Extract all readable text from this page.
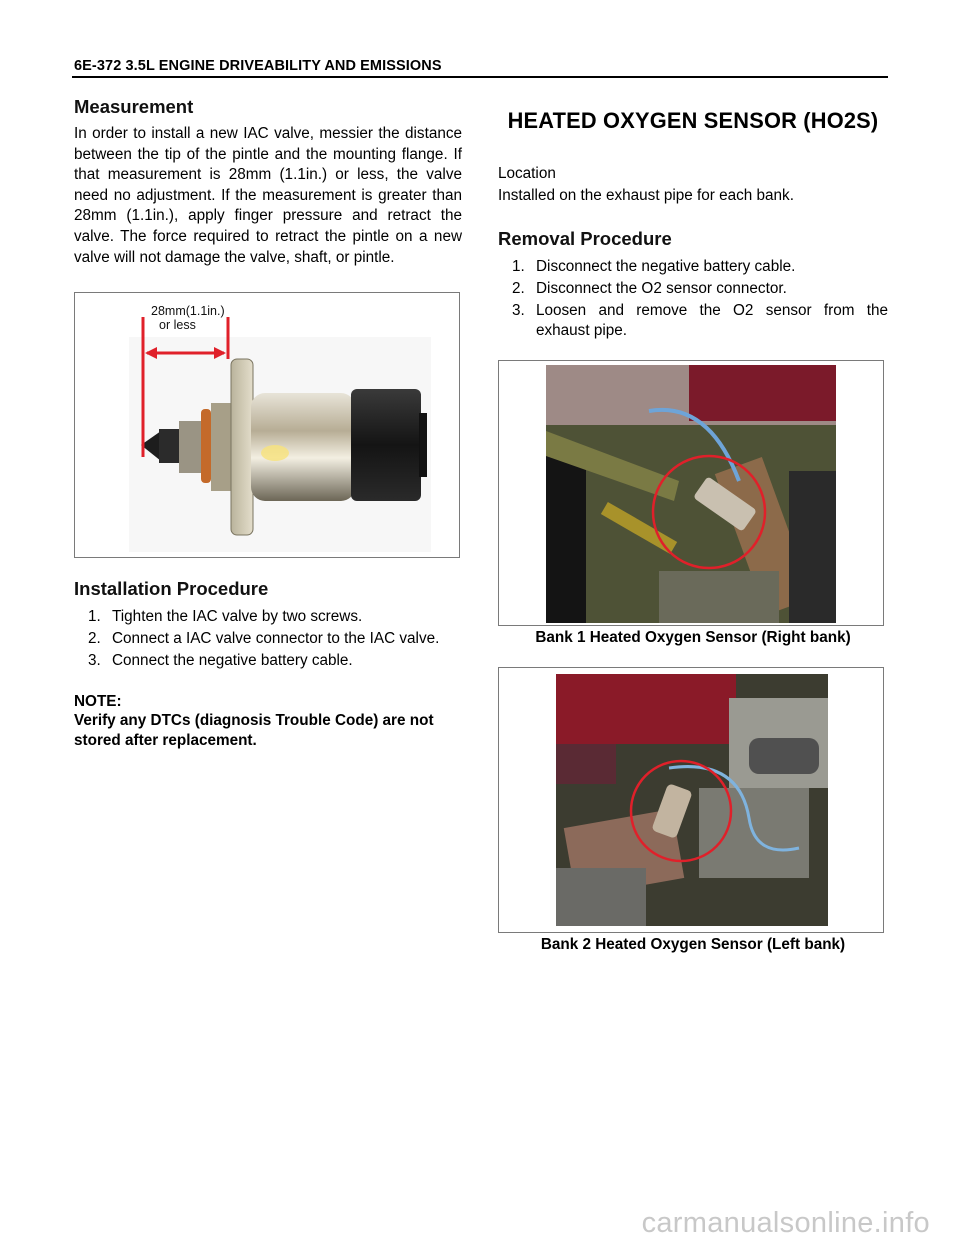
6E-372 3.5L ENGINE DRIVEABILITY AND EMISSIONS
Measurement

In order to install a new IAC valve, messier the distance between the tip of the pintle and the mounting flange. If that measurement is 28mm (1.1in.) or less, the valve need no adjustment. If the measurement is greater than 28mm (1.1in.), apply finger pressure and retract the valve. The force required to retract the pintle on a new valve will not damage the valve, shaft, or pintle.

28mm(1.1in.)
or less
Installation Procedure
1. Tighten the IAC valve by two screws.
2. Connect a IAC valve connector to the IAC valve.
3. Connect the negative battery cable.
NOTE:
Verify any DTCs (diagnosis Trouble Code) are not stored after replacement.
HEATED OXYGEN SENSOR (HO2S)
Location
Installed on the exhaust pipe for each bank.
Removal Procedure
1. Disconnect the negative battery cable.
2. Disconnect the O2 sensor connector.
3. Loosen and remove the O2 sensor from the exhaust pipe.
Bank 1 Heated Oxygen Sensor (Right bank)
Bank 2 Heated Oxygen Sensor (Left bank)
carmanualsonline.info
